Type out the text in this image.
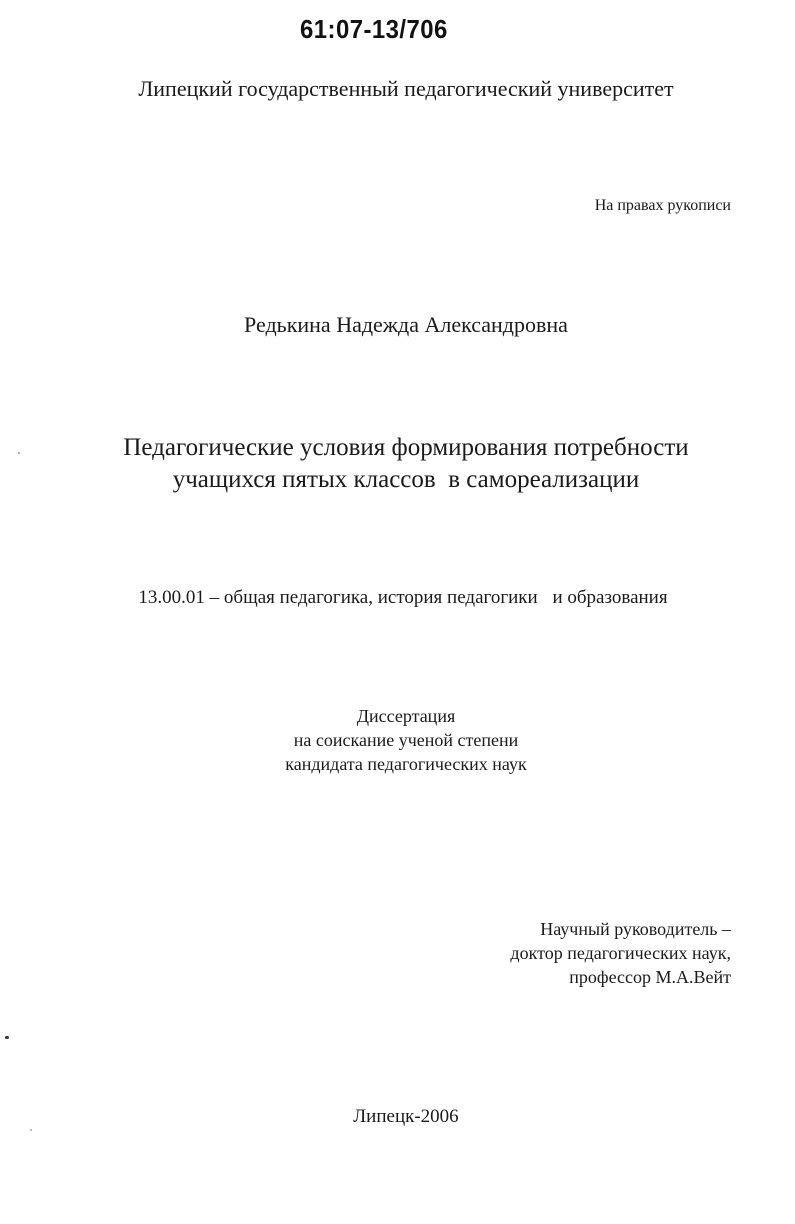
61:07-13/706
Липецкий государственный педагогический университет
На правах рукописи
Редькина Надежда Александровна
Педагогические условия формирования потребности
учащихся пятых классов  в самореализации
13.00.01 – общая педагогика, история педагогики и образования
Диссертация
на соискание ученой степени
кандидата педагогических наук
Научный руководитель –
доктор педагогических наук,
профессор М.А.Вейт
Липецк-2006
